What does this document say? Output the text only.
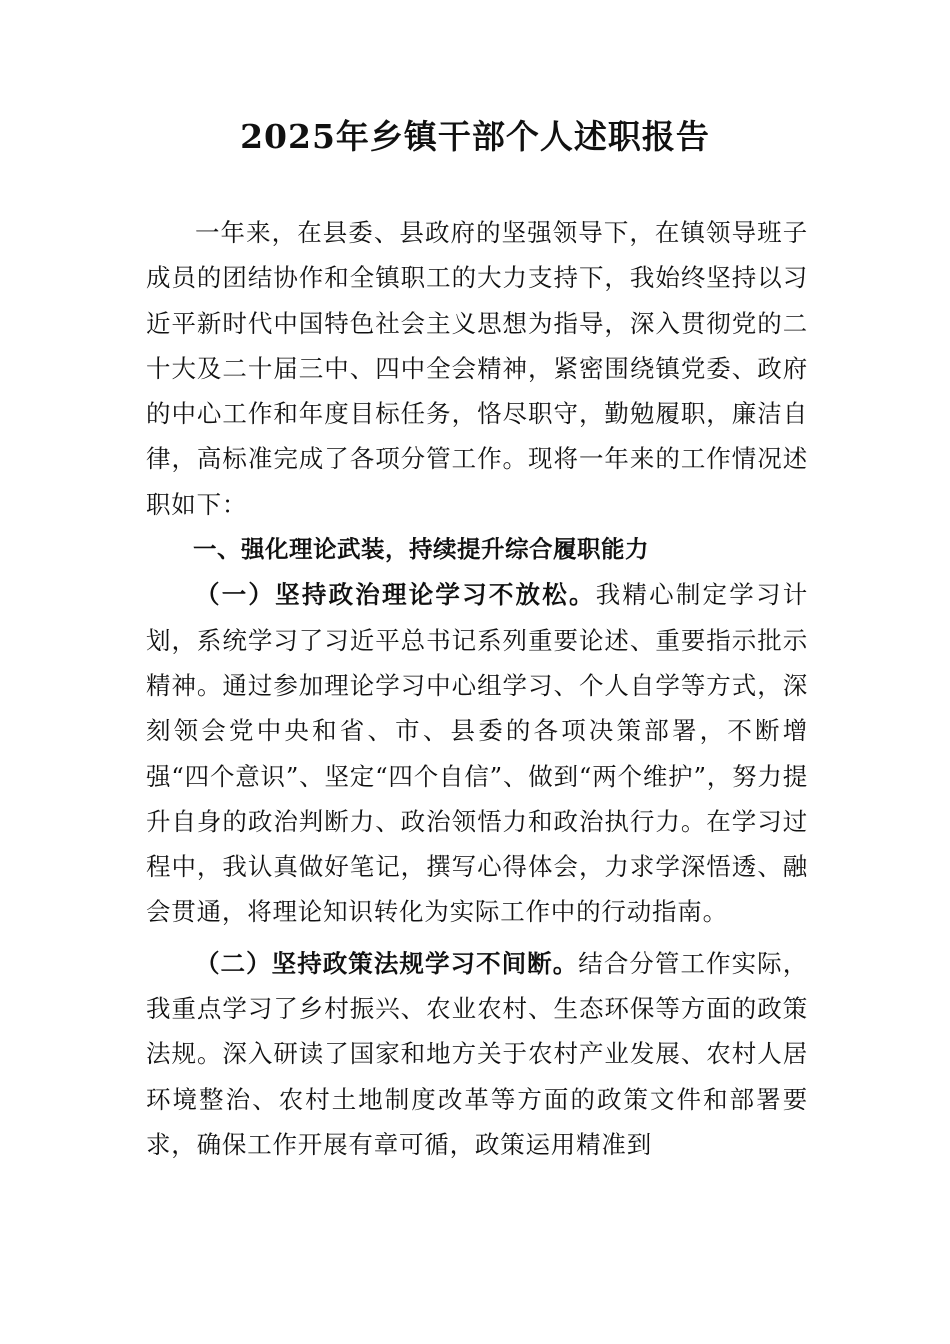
2025年乡镇干部个人述职报告

一年来，在县委、县政府的坚强领导下，在镇领导班子成员的团结协作和全镇职工的大力支持下，我始终坚持以习近平新时代中国特色社会主义思想为指导，深入贯彻党的二十大及二十届三中、四中全会精神，紧密围绕镇党委、政府的中心工作和年度目标任务，恪尽职守，勤勉履职，廉洁自律，高标准完成了各项分管工作。现将一年来的工作情况述职如下：

一、强化理论武装，持续提升综合履职能力

（一）坚持政治理论学习不放松。我精心制定学习计划，系统学习了习近平总书记系列重要论述、重要指示批示精神。通过参加理论学习中心组学习、个人自学等方式，深刻领会党中央和省、市、县委的各项决策部署，不断增强“四个意识”、坚定“四个自信”、做到“两个维护”，努力提升自身的政治判断力、政治领悟力和政治执行力。在学习过程中，我认真做好笔记，撰写心得体会，力求学深悟透、融会贯通，将理论知识转化为实际工作中的行动指南。

（二）坚持政策法规学习不间断。结合分管工作实际，我重点学习了乡村振兴、农业农村、生态环保等方面的政策法规。深入研读了国家和地方关于农村产业发展、农村人居环境整治、农村土地制度改革等方面的政策文件和部署要求，确保工作开展有章可循，政策运用精准到
